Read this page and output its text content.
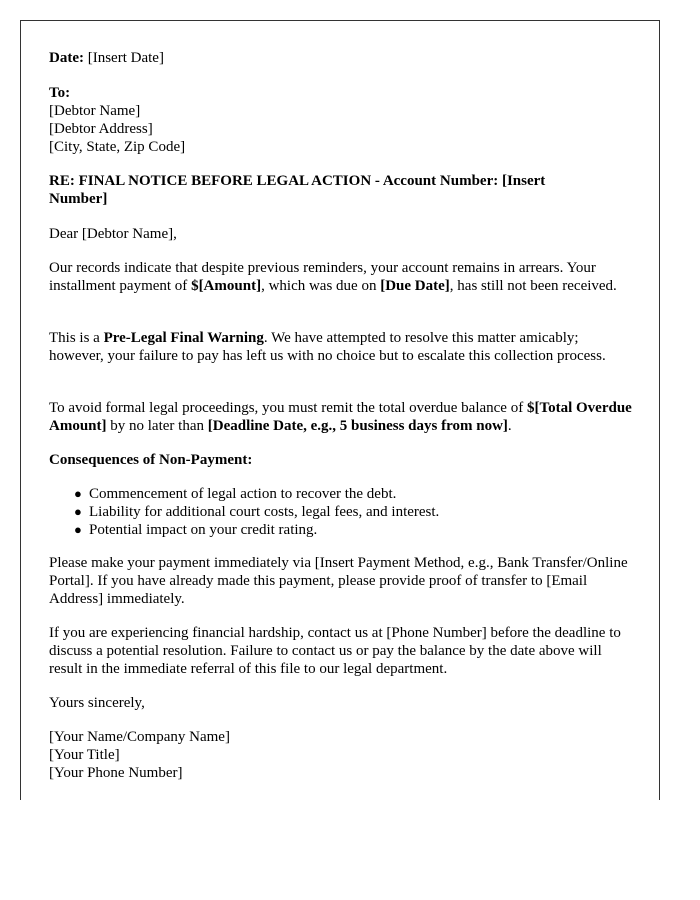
Date: [Insert Date]

To:
[Debtor Name]
[Debtor Address]
[City, State, Zip Code]
RE: FINAL NOTICE BEFORE LEGAL ACTION - Account Number: [Insert
Number]

Dear [Debtor Name],

Our records indicate that despite previous reminders, your account remains in arrears. Your installment payment of $[Amount], which was due on [Due Date], has still not been received.

This is a Pre-Legal Final Warning. We have attempted to resolve this matter amicably; however, your failure to pay has left us with no choice but to escalate this collection process.

To avoid formal legal proceedings, you must remit the total overdue balance of $[Total Overdue Amount] by no later than [Deadline Date, e.g., 5 business days from now].

Consequences of Non-Payment:

● Commencement of legal action to recover the debt.
● Liability for additional court costs, legal fees, and interest.
● Potential impact on your credit rating.

Please make your payment immediately via [Insert Payment Method, e.g., Bank Transfer/Online Portal]. If you have already made this payment, please provide proof of transfer to [Email Address] immediately.

If you are experiencing financial hardship, contact us at [Phone Number] before the deadline to discuss a potential resolution. Failure to contact us or pay the balance by the date above will result in the immediate referral of this file to our legal department.

Yours sincerely,

[Your Name/Company Name]
[Your Title]
[Your Phone Number]
